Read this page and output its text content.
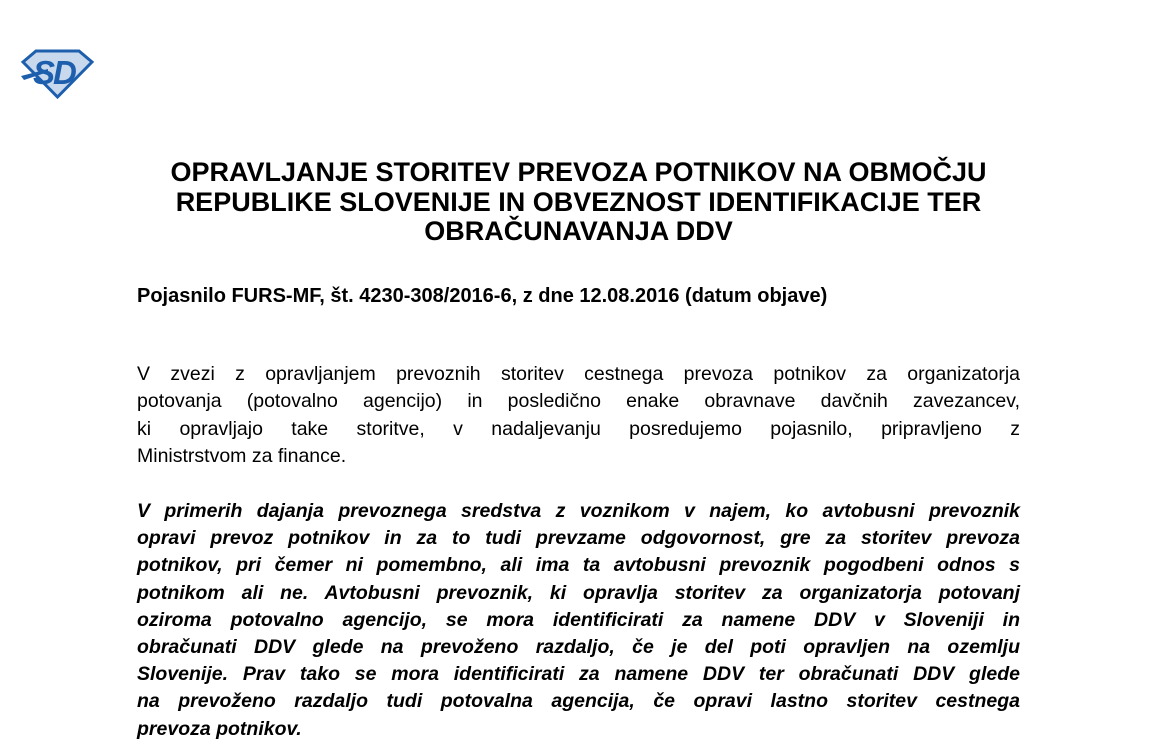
SD
OPRAVLJANJE STORITEV PREVOZA POTNIKOV NA OBMOČJU
REPUBLIKE SLOVENIJE IN OBVEZNOST IDENTIFIKACIJE TER
OBRAČUNAVANJA DDV
Pojasnilo FURS-MF, št. 4230-308/2016-6, z dne 12.08.2016 (datum objave)
V zvezi z opravljanjem prevoznih storitev cestnega prevoza potnikov za organizatorja
potovanja (potovalno agencijo) in posledično enake obravnave davčnih zavezancev,
ki opravljajo take storitve, v nadaljevanju posredujemo pojasnilo, pripravljeno z
Ministrstvom za finance.
V primerih dajanja prevoznega sredstva z voznikom v najem, ko avtobusni prevoznik
opravi prevoz potnikov in za to tudi prevzame odgovornost, gre za storitev prevoza
potnikov, pri čemer ni pomembno, ali ima ta avtobusni prevoznik pogodbeni odnos s
potnikom ali ne. Avtobusni prevoznik, ki opravlja storitev za organizatorja potovanj
oziroma potovalno agencijo, se mora identificirati za namene DDV v Sloveniji in
obračunati DDV glede na prevoženo razdaljo, če je del poti opravljen na ozemlju
Slovenije. Prav tako se mora identificirati za namene DDV ter obračunati DDV glede
na prevoženo razdaljo tudi potovalna agencija, če opravi lastno storitev cestnega
prevoza potnikov.
